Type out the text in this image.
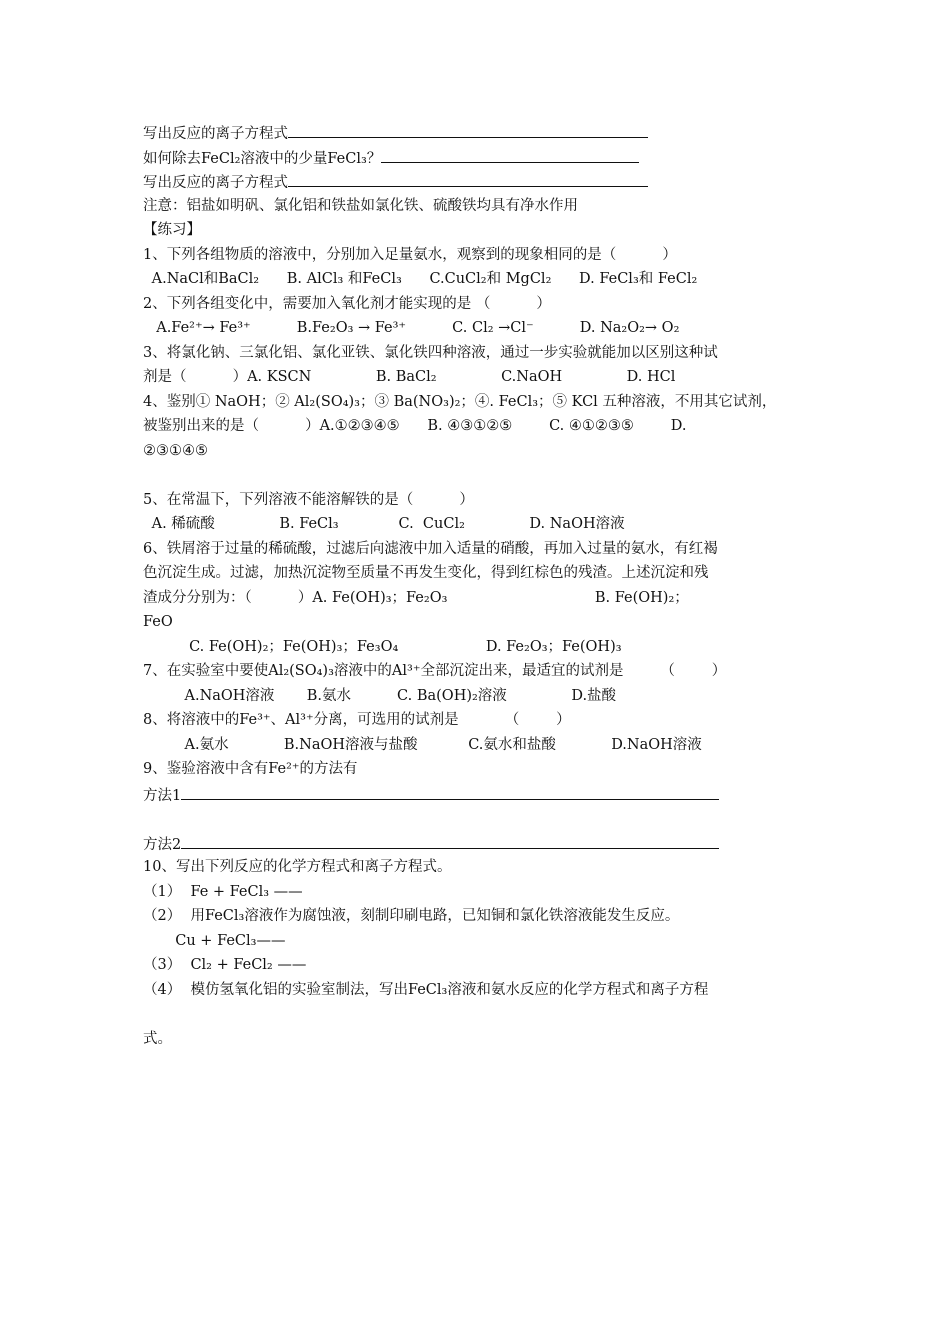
写出反应的离子方程式
如何除去FeCl₂溶液中的少量FeCl₃？
写出反应的离子方程式
注意：铝盐如明矾、氯化铝和铁盐如氯化铁、硫酸铁均具有净水作用
【练习】
1、下列各组物质的溶液中，分别加入足量氨水，观察到的现象相同的是（          ）
A.NaCl和BaCl₂      B. AlCl₃ 和FeCl₃      C.CuCl₂和 MgCl₂      D. FeCl₃和 FeCl₂
2、下列各组变化中，需要加入氧化剂才能实现的是 （          ）
A.Fe²⁺→ Fe³⁺          B.Fe₂O₃ → Fe³⁺          C. Cl₂ →Cl⁻          D. Na₂O₂→ O₂
3、将氯化钠、三氯化铝、氯化亚铁、氯化铁四种溶液，通过一步实验就能加以区别这种试
剂是（          ）A. KSCN              B. BaCl₂              C.NaOH              D. HCl
4、鉴别① NaOH；② Al₂(SO₄)₃；③ Ba(NO₃)₂；④. FeCl₃；⑤ KCl 五种溶液，不用其它试剂，
被鉴别出来的是（          ）A.①②③④⑤      B. ④③①②⑤        C. ④①②③⑤        D.
②③①④⑤
5、在常温下，下列溶液不能溶解铁的是（          ）
A. 稀硫酸              B. FeCl₃             C.  CuCl₂              D. NaOH溶液
6、铁屑溶于过量的稀硫酸，过滤后向滤液中加入适量的硝酸，再加入过量的氨水，有红褐
色沉淀生成。过滤，加热沉淀物至质量不再发生变化，得到红棕色的残渣。上述沉淀和残
渣成分分别为：（          ）A. Fe(OH)₃；Fe₂O₃                                B. Fe(OH)₂；
FeO
C. Fe(OH)₂；Fe(OH)₃；Fe₃O₄                   D. Fe₂O₃；Fe(OH)₃
7、在实验室中要使Al₂(SO₄)₃溶液中的Al³⁺全部沉淀出来，最适宜的试剂是        （        ）
A.NaOH溶液       B.氨水          C. Ba(OH)₂溶液              D.盐酸
8、将溶液中的Fe³⁺、Al³⁺分离，可选用的试剂是          （        ）
A.氨水            B.NaOH溶液与盐酸           C.氨水和盐酸            D.NaOH溶液
9、鉴验溶液中含有Fe²⁺的方法有
方法1
方法2
10、写出下列反应的化学方程式和离子方程式。
（1）  Fe + FeCl₃ ——
（2）  用FeCl₃溶液作为腐蚀液，刻制印刷电路，已知铜和氯化铁溶液能发生反应。
Cu + FeCl₃——
（3）  Cl₂ + FeCl₂ ——
（4）  模仿氢氧化铝的实验室制法，写出FeCl₃溶液和氨水反应的化学方程式和离子方程
式。
